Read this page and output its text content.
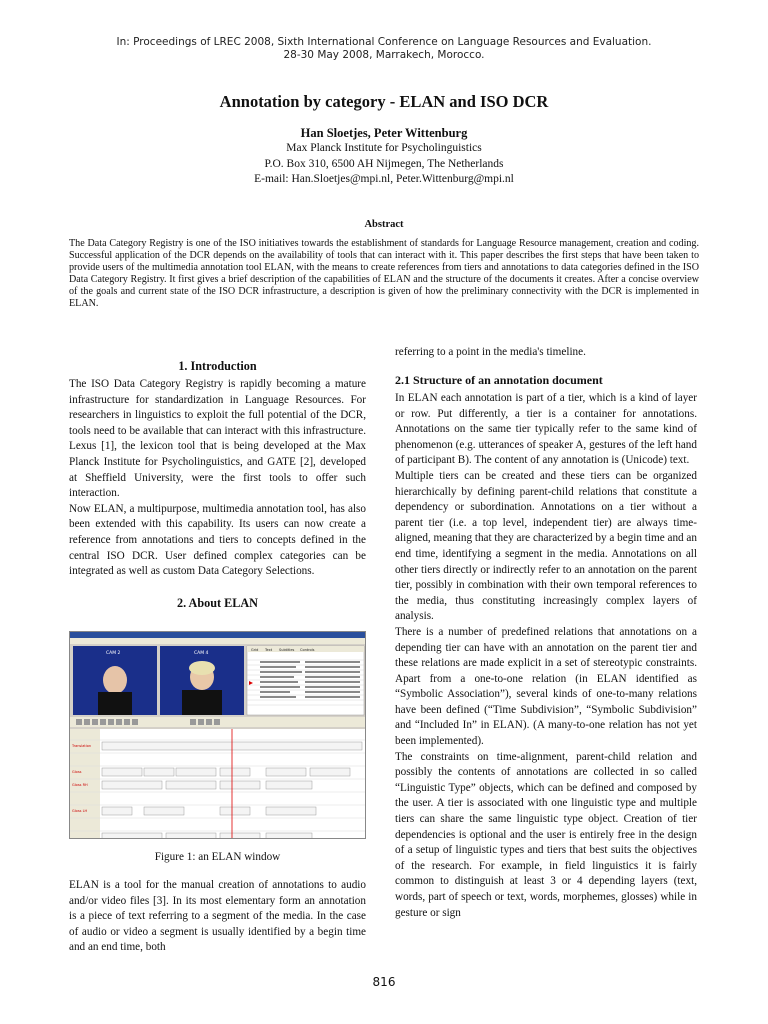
In: Proceedings of LREC 2008, Sixth International Conference on Language Resources and Evaluation.
28-30 May 2008, Marrakech, Morocco.
Annotation by category - ELAN and ISO DCR
Han Sloetjes, Peter Wittenburg
Max Planck Institute for Psycholinguistics
P.O. Box 310, 6500 AH Nijmegen, The Netherlands
E-mail: Han.Sloetjes@mpi.nl, Peter.Wittenburg@mpi.nl
Abstract
The Data Category Registry is one of the ISO initiatives towards the establishment of standards for Language Resource management, creation and coding. Successful application of the DCR depends on the availability of tools that can interact with it. This paper describes the first steps that have been taken to provide users of the multimedia annotation tool ELAN, with the means to create references from tiers and annotations to data categories defined in the ISO Data Category Registry. It first gives a brief description of the capabilities of ELAN and the structure of the documents it creates. After a concise overview of the goals and current state of the ISO DCR infrastructure, a description is given of how the preliminary connectivity with the DCR is implemented in ELAN.
1. Introduction

The ISO Data Category Registry is rapidly becoming a mature infrastructure for standardization in Language Resources. For researchers in linguistics to exploit the full potential of the DCR, tools need to be available that can interact with this infrastructure. Lexus [1], the lexicon tool that is being developed at the Max Planck Institute for Psycholinguistics, and GATE [2], developed at Sheffield University, were the first tools to offer such interaction.

Now ELAN, a multipurpose, multimedia annotation tool, has also been extended with this capability. Its users can now create a reference from annotations and tiers to concepts defined in the central ISO DCR. User defined complex categories can be integrated as well as custom Data Category Selections.

2. About ELAN
CAM 2	CAM 4
Grid Text Subtitles Controls
Translation
Gloss
Gloss RH
Gloss LH
Figure 1: an ELAN window

ELAN is a tool for the manual creation of annotations to audio and/or video files [3]. In its most elementary form an annotation is a piece of text referring to a segment of the media. In the case of audio or video a segment is usually identified by a begin time and an end time, both

referring to a point in the media's timeline.

2.1 Structure of an annotation document

In ELAN each annotation is part of a tier, which is a kind of layer or row. Put differently, a tier is a container for annotations. Annotations on the same tier typically refer to the same kind of phenomenon (e.g. utterances of speaker A, gestures of the left hand of participant B). The content of any annotation is (Unicode) text.

Multiple tiers can be created and these tiers can be organized hierarchically by defining parent-child relations that constitute a dependency or subordination. Annotations on a tier without a parent tier (i.e. a top level, independent tier) are always time-aligned, meaning that they are characterized by a begin time and an end time, identifying a segment in the media. Annotations on all other tiers directly or indirectly refer to an annotation on the parent tier, possibly in combination with their own temporal references to the media, thus constituting increasingly complex layers of analysis.

There is a number of predefined relations that annotations on a depending tier can have with an annotation on the parent tier and these relations are made explicit in a set of stereotypic constraints. Apart from a one-to-one relation (in ELAN identified as “Symbolic Association”), several kinds of one-to-many relations have been defined (“Time Subdivision”, “Symbolic Subdivision” and “Included In” in ELAN). (A many-to-one relation has not yet been implemented).

The constraints on time-alignment, parent-child relation and possibly the contents of annotations are collected in so called “Linguistic Type” objects, which can be defined and composed by the user. A tier is associated with one linguistic type and multiple tiers can share the same linguistic type object. Creation of tier dependencies is optional and the user is entirely free in the design of a setup of linguistic types and tiers that best suits the objectives of the research. For example, in field linguistics it is fairly common to distinguish at least 3 or 4 depending layers (text, words, part of speech or text, words, morphemes, glosses) while in gesture or sign

816
